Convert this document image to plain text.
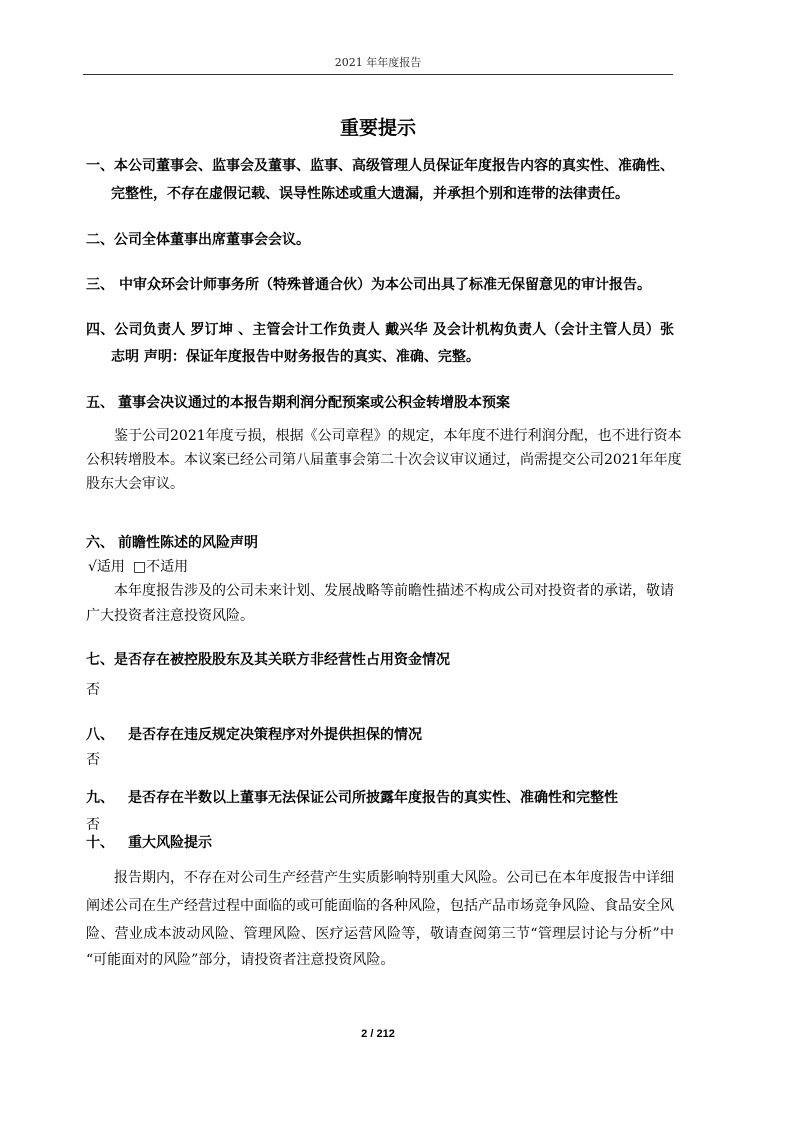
2021 年年度报告
重要提示
一、本公司董事会、监事会及董事、监事、高级管理人员保证年度报告内容的真实性、准确性、
完整性，不存在虚假记载、误导性陈述或重大遗漏，并承担个别和连带的法律责任。
二、公司全体董事出席董事会会议。
三、 中审众环会计师事务所（特殊普通合伙）为本公司出具了标准无保留意见的审计报告。
四、公司负责人 罗订坤 、主管会计工作负责人 戴兴华 及会计机构负责人（会计主管人员）张
志明 声明：保证年度报告中财务报告的真实、准确、完整。
五、 董事会决议通过的本报告期利润分配预案或公积金转增股本预案
鉴于公司2021年度亏损，根据《公司章程》的规定，本年度不进行利润分配，也不进行资本
公积转增股本。本议案已经公司第八届董事会第二十次会议审议通过，尚需提交公司2021年年度
股东大会审议。
六、 前瞻性陈述的风险声明
√适用 □不适用
本年度报告涉及的公司未来计划、发展战略等前瞻性描述不构成公司对投资者的承诺，敬请
广大投资者注意投资风险。
七、是否存在被控股股东及其关联方非经营性占用资金情况
否
八、 是否存在违反规定决策程序对外提供担保的情况
否
九、 是否存在半数以上董事无法保证公司所披露年度报告的真实性、准确性和完整性
否
十、 重大风险提示
报告期内，不存在对公司生产经营产生实质影响特别重大风险。公司已在本年度报告中详细
阐述公司在生产经营过程中面临的或可能面临的各种风险，包括产品市场竞争风险、食品安全风
险、营业成本波动风险、管理风险、医疗运营风险等，敬请查阅第三节“管理层讨论与分析”中
“可能面对的风险”部分，请投资者注意投资风险。
2 / 212
